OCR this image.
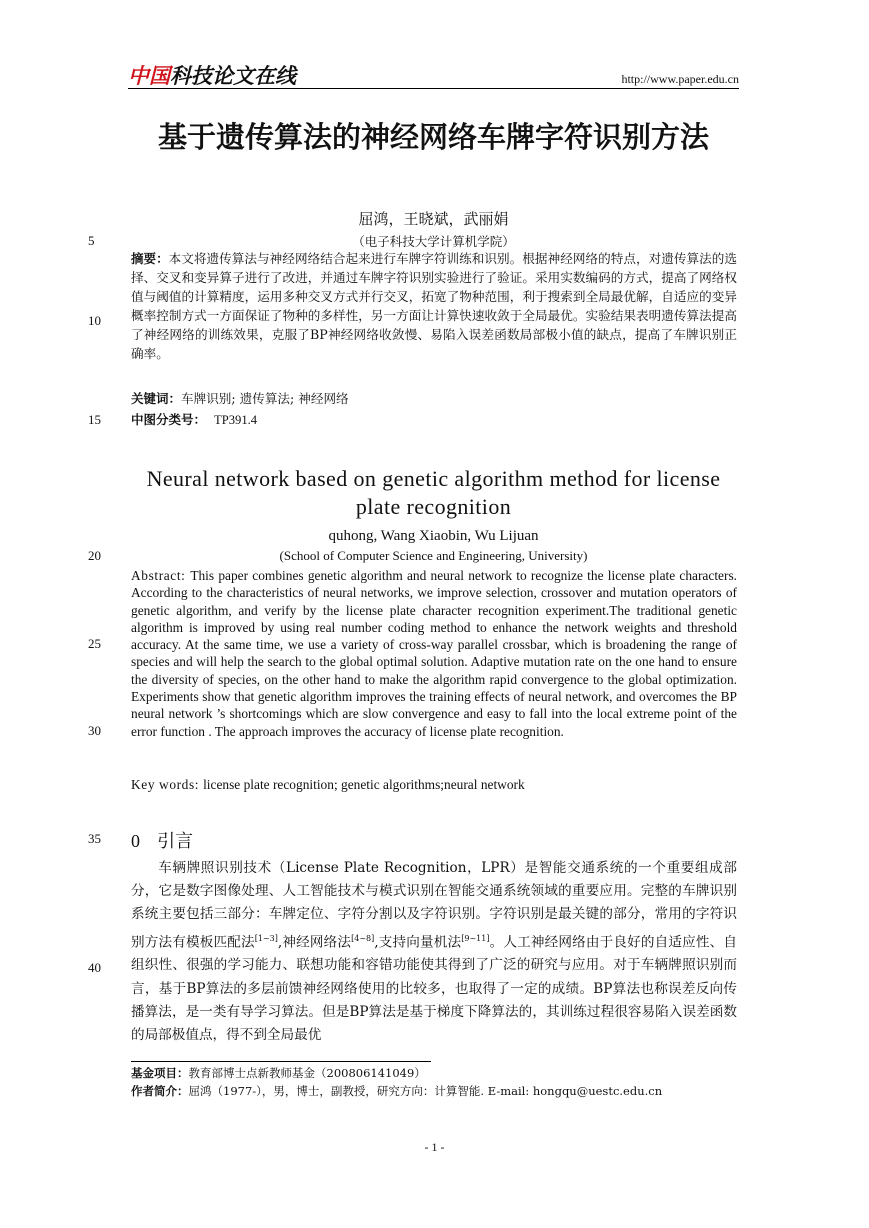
中国科技论文在线	http://www.paper.edu.cn
基于遗传算法的神经网络车牌字符识别方法
屈鸿，王晓斌，武丽娟
（电子科技大学计算机学院）
5
10
15
20
25
30
35
40
摘要：本文将遗传算法与神经网络结合起来进行车牌字符训练和识别。根据神经网络的特点，对遗传算法的选择、交叉和变异算子进行了改进，并通过车牌字符识别实验进行了验证。采用实数编码的方式，提高了网络权值与阈值的计算精度，运用多种交叉方式并行交叉，拓宽了物种范围，利于搜索到全局最优解，自适应的变异概率控制方式一方面保证了物种的多样性，另一方面让计算快速收敛于全局最优。实验结果表明遗传算法提高了神经网络的训练效果，克服了BP神经网络收敛慢、易陷入误差函数局部极小值的缺点，提高了车牌识别正确率。
关键词：车牌识别; 遗传算法; 神经网络
中图分类号： TP391.4
Neural network based on genetic algorithm method for license plate recognition
quhong, Wang Xiaobin, Wu Lijuan
(School of Computer Science and Engineering, University)
Abstract: This paper combines genetic algorithm and neural network to recognize the license plate characters. According to the characteristics of neural networks, we improve selection, crossover and mutation operators of genetic algorithm, and verify by the license plate character recognition experiment.The traditional genetic algorithm is improved by using real number coding method to enhance the network weights and threshold accuracy. At the same time, we use a variety of cross-way parallel crossbar, which is broadening the range of species and will help the search to the global optimal solution. Adaptive mutation rate on the one hand to ensure the diversity of species, on the other hand to make the algorithm rapid convergence to the global optimization. Experiments show that genetic algorithm improves the training effects of neural network, and overcomes the BP neural network ’s shortcomings which are slow convergence and easy to fall into the local extreme point of the error function . The approach improves the accuracy of license plate recognition.
Key words: license plate recognition; genetic algorithms;neural network
0 引言
车辆牌照识别技术（License Plate Recognition，LPR）是智能交通系统的一个重要组成部分，它是数字图像处理、人工智能技术与模式识别在智能交通系统领域的重要应用。完整的车牌识别系统主要包括三部分：车牌定位、字符分割以及字符识别。字符识别是最关键的部分，常用的字符识别方法有模板匹配法[1~3],神经网络法[4~8],支持向量机法[9~11]。人工神经网络由于良好的自适应性、自组织性、很强的学习能力、联想功能和容错功能使其得到了广泛的研究与应用。对于车辆牌照识别而言，基于BP算法的多层前馈神经网络使用的比较多，也取得了一定的成绩。BP算法也称误差反向传播算法，是一类有导学习算法。但是BP算法是基于梯度下降算法的，其训练过程很容易陷入误差函数的局部极值点，得不到全局最优
基金项目：教育部博士点新教师基金（200806141049）
作者简介：屈鸿（1977-），男，博士，副教授，研究方向：计算智能. E-mail: hongqu@uestc.edu.cn
- 1 -
